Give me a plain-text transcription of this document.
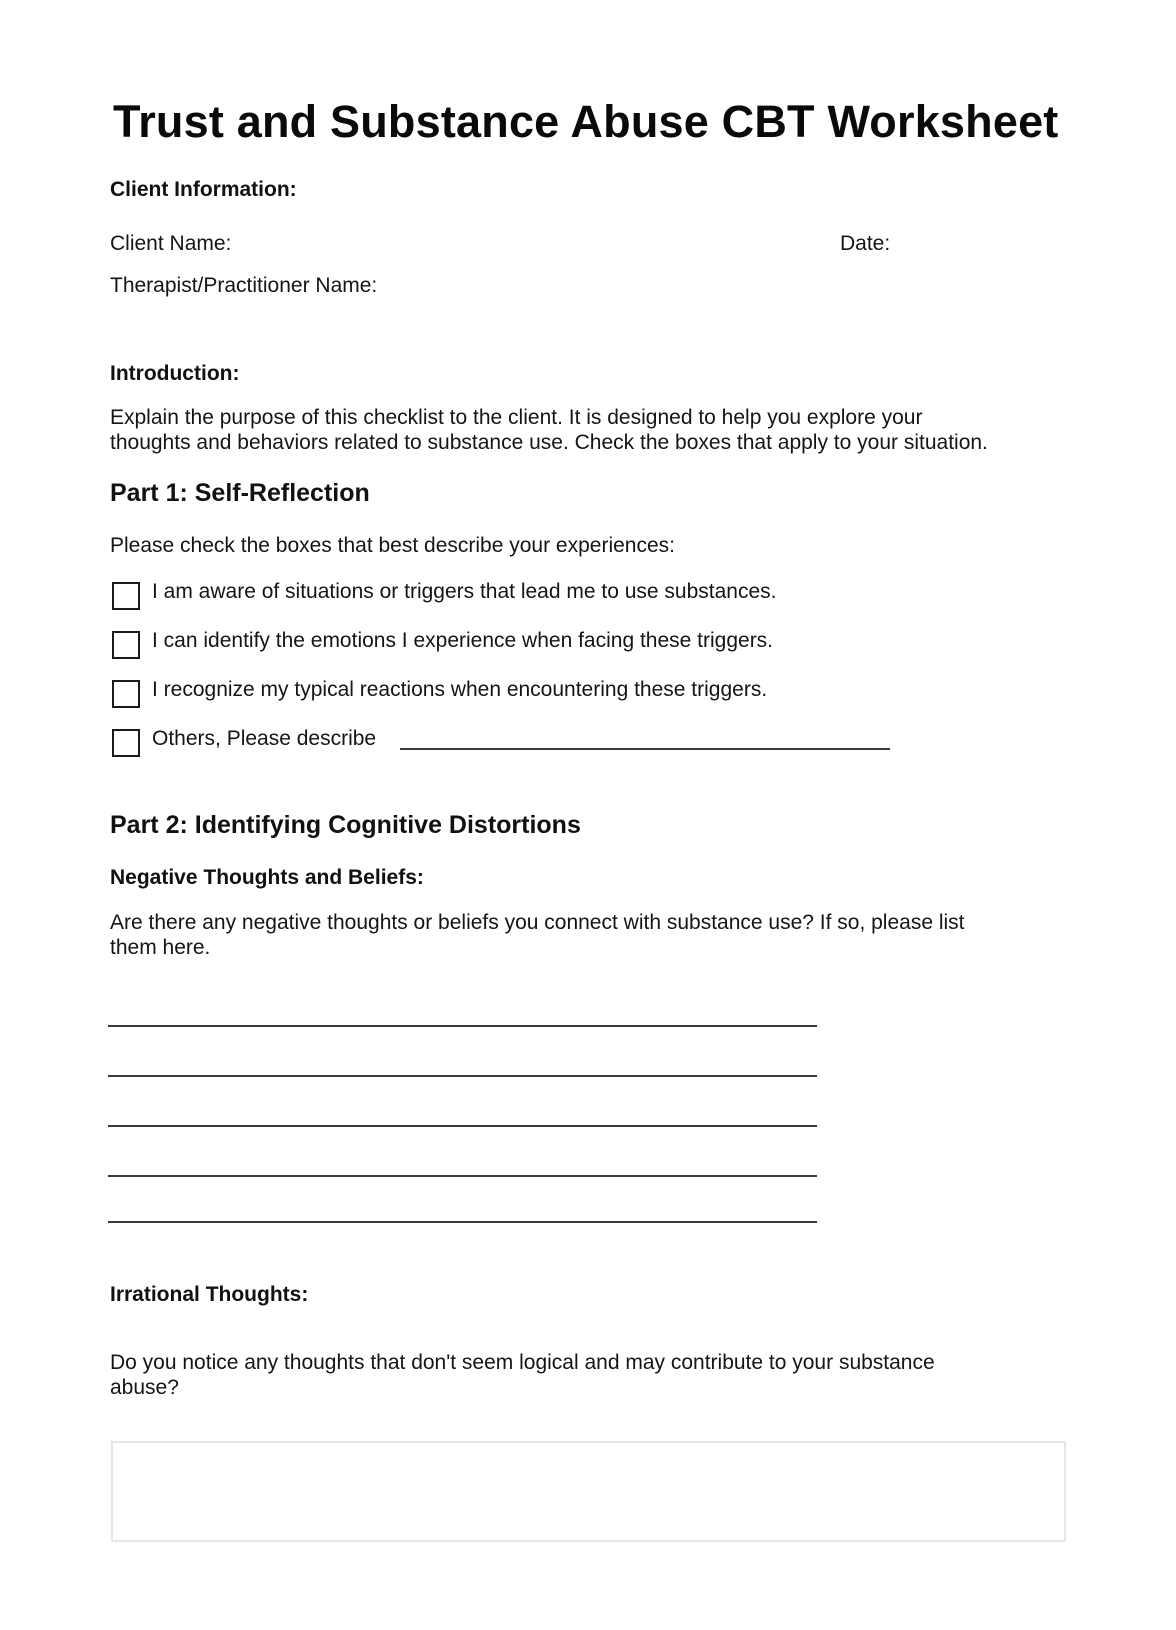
Trust and Substance Abuse CBT Worksheet
Client Information:
Client Name:	Date:
Therapist/Practitioner Name:
Introduction:
Explain the purpose of this checklist to the client. It is designed to help you explore your
thoughts and behaviors related to substance use. Check the boxes that apply to your situation.
Part 1: Self-Reflection
Please check the boxes that best describe your experiences:
I am aware of situations or triggers that lead me to use substances.
I can identify the emotions I experience when facing these triggers.
I recognize my typical reactions when encountering these triggers.
Others, Please describe
Part 2: Identifying Cognitive Distortions
Negative Thoughts and Beliefs:
Are there any negative thoughts or beliefs you connect with substance use? If so, please list
them here.
Irrational Thoughts:
Do you notice any thoughts that don't seem logical and may contribute to your substance
abuse?
